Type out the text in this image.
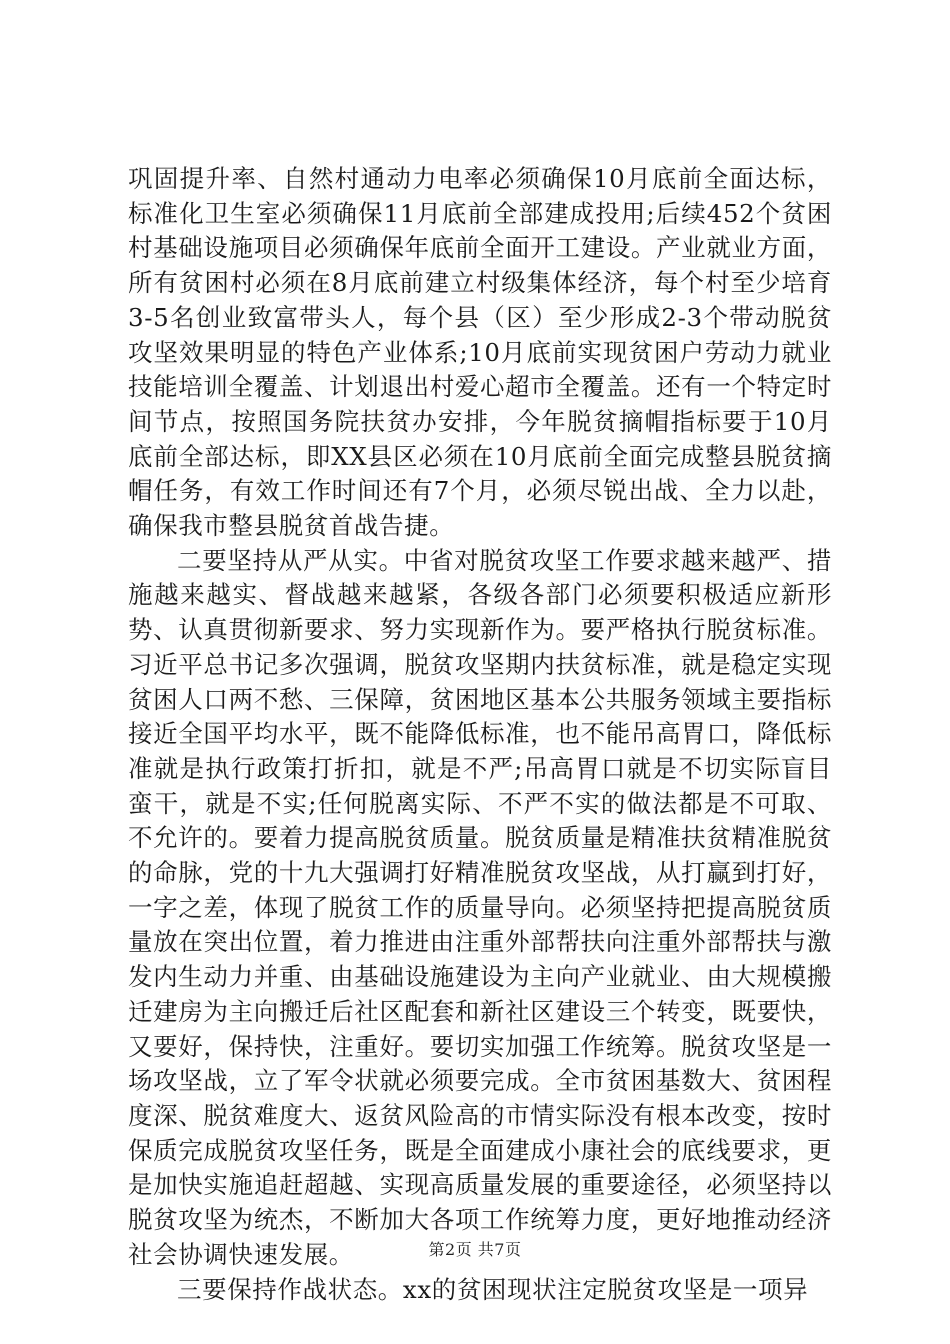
巩固提升率、自然村通动力电率必须确保10月底前全面达标，标准化卫生室必须确保11月底前全部建成投用;后续452个贫困村基础设施项目必须确保年底前全面开工建设。产业就业方面，所有贫困村必须在8月底前建立村级集体经济，每个村至少培育3-5名创业致富带头人，每个县（区）至少形成2-3个带动脱贫攻坚效果明显的特色产业体系;10月底前实现贫困户劳动力就业技能培训全覆盖、计划退出村爱心超市全覆盖。还有一个特定时间节点，按照国务院扶贫办安排，今年脱贫摘帽指标要于10月底前全部达标，即XX县区必须在10月底前全面完成整县脱贫摘帽任务，有效工作时间还有7个月，必须尽锐出战、全力以赴，确保我市整县脱贫首战告捷。

二要坚持从严从实。中省对脱贫攻坚工作要求越来越严、措施越来越实、督战越来越紧，各级各部门必须要积极适应新形势、认真贯彻新要求、努力实现新作为。要严格执行脱贫标准。习近平总书记多次强调，脱贫攻坚期内扶贫标准，就是稳定实现贫困人口两不愁、三保障，贫困地区基本公共服务领域主要指标接近全国平均水平，既不能降低标准，也不能吊高胃口，降低标准就是执行政策打折扣，就是不严;吊高胃口就是不切实际盲目蛮干，就是不实;任何脱离实际、不严不实的做法都是不可取、不允许的。要着力提高脱贫质量。脱贫质量是精准扶贫精准脱贫的命脉，党的十九大强调打好精准脱贫攻坚战，从打赢到打好，一字之差，体现了脱贫工作的质量导向。必须坚持把提高脱贫质量放在突出位置，着力推进由注重外部帮扶向注重外部帮扶与激发内生动力并重、由基础设施建设为主向产业就业、由大规模搬迁建房为主向搬迁后社区配套和新社区建设三个转变，既要快，又要好，保持快，注重好。要切实加强工作统筹。脱贫攻坚是一场攻坚战，立了军令状就必须要完成。全市贫困基数大、贫困程度深、脱贫难度大、返贫风险高的市情实际没有根本改变，按时保质完成脱贫攻坚任务，既是全面建成小康社会的底线要求，更是加快实施追赶超越、实现高质量发展的重要途径，必须坚持以脱贫攻坚为统杰，不断加大各项工作统筹力度，更好地推动经济社会协调快速发展。

三要保持作战状态。xx的贫困现状注定脱贫攻坚是一项异

第2页 共7页
